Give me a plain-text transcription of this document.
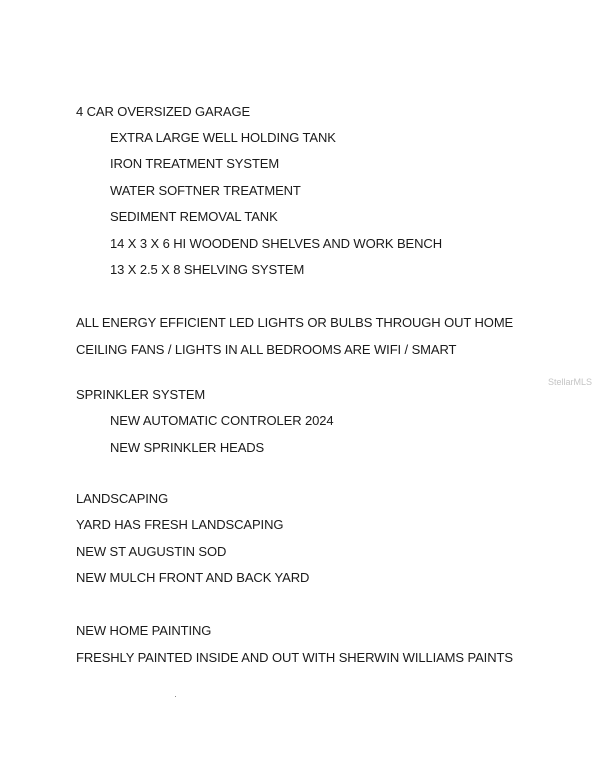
4 CAR OVERSIZED GARAGE
EXTRA LARGE WELL HOLDING TANK
IRON TREATMENT SYSTEM
WATER SOFTNER TREATMENT
SEDIMENT REMOVAL TANK
14 X 3 X 6 HI WOODEND SHELVES AND WORK BENCH
13 X 2.5 X 8 SHELVING SYSTEM
ALL ENERGY EFFICIENT LED LIGHTS OR BULBS THROUGH OUT HOME
CEILING FANS / LIGHTS IN ALL BEDROOMS ARE WIFI / SMART
SPRINKLER SYSTEM
NEW AUTOMATIC CONTROLER 2024
NEW SPRINKLER HEADS
LANDSCAPING
YARD HAS FRESH LANDSCAPING
NEW ST AUGUSTIN SOD
NEW MULCH FRONT AND BACK YARD
NEW HOME PAINTING
FRESHLY PAINTED INSIDE AND OUT WITH SHERWIN WILLIAMS PAINTS
StellarMLS
